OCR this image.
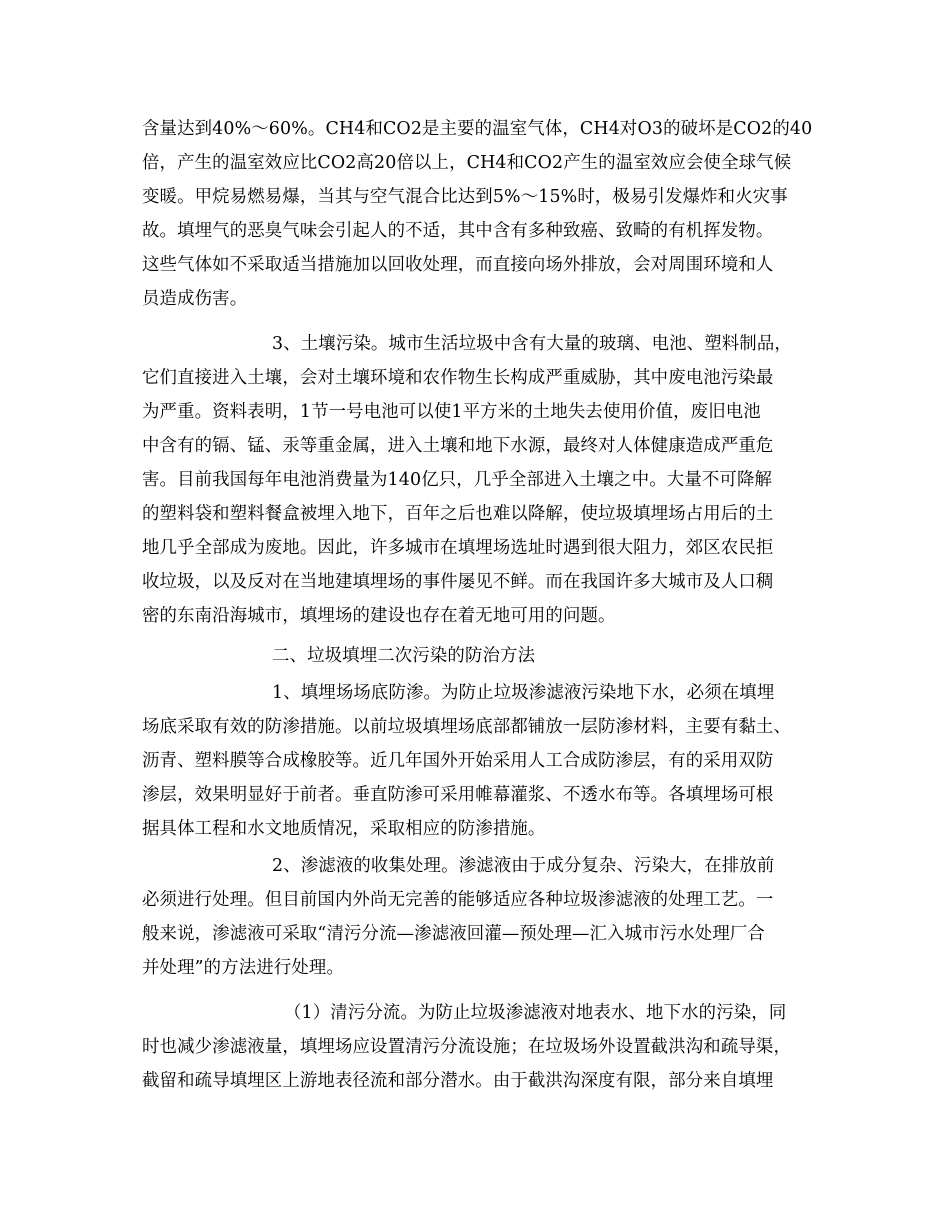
含量达到40%～60%。CH4和CO2是主要的温室气体，CH4对O3的破坏是CO2的40
倍，产生的温室效应比CO2高20倍以上，CH4和CO2产生的温室效应会使全球气候
变暖。甲烷易燃易爆，当其与空气混合比达到5%～15%时，极易引发爆炸和火灾事
故。填埋气的恶臭气味会引起人的不适，其中含有多种致癌、致畸的有机挥发物。
这些气体如不采取适当措施加以回收处理，而直接向场外排放，会对周围环境和人
员造成伤害。
3、土壤污染。城市生活垃圾中含有大量的玻璃、电池、塑料制品，
它们直接进入土壤，会对土壤环境和农作物生长构成严重威胁，其中废电池污染最
为严重。资料表明，1节一号电池可以使1平方米的土地失去使用价值，废旧电池
中含有的镉、锰、汞等重金属，进入土壤和地下水源，最终对人体健康造成严重危
害。目前我国每年电池消费量为140亿只，几乎全部进入土壤之中。大量不可降解
的塑料袋和塑料餐盒被埋入地下，百年之后也难以降解，使垃圾填埋场占用后的土
地几乎全部成为废地。因此，许多城市在填埋场选址时遇到很大阻力，郊区农民拒
收垃圾，以及反对在当地建填埋场的事件屡见不鲜。而在我国许多大城市及人口稠
密的东南沿海城市，填埋场的建设也存在着无地可用的问题。
二、垃圾填埋二次污染的防治方法
1、填埋场场底防渗。为防止垃圾渗滤液污染地下水，必须在填埋
场底采取有效的防渗措施。以前垃圾填埋场底部都铺放一层防渗材料，主要有黏土、
沥青、塑料膜等合成橡胶等。近几年国外开始采用人工合成防渗层，有的采用双防
渗层，效果明显好于前者。垂直防渗可采用帷幕灌浆、不透水布等。各填埋场可根
据具体工程和水文地质情况，采取相应的防渗措施。
2、渗滤液的收集处理。渗滤液由于成分复杂、污染大，在排放前
必须进行处理。但目前国内外尚无完善的能够适应各种垃圾渗滤液的处理工艺。一
般来说，渗滤液可采取“清污分流—渗滤液回灌—预处理—汇入城市污水处理厂合
并处理”的方法进行处理。
（1）清污分流。为防止垃圾渗滤液对地表水、地下水的污染，同
时也减少渗滤液量，填埋场应设置清污分流设施；在垃圾场外设置截洪沟和疏导渠，
截留和疏导填埋区上游地表径流和部分潜水。由于截洪沟深度有限，部分来自填埋
